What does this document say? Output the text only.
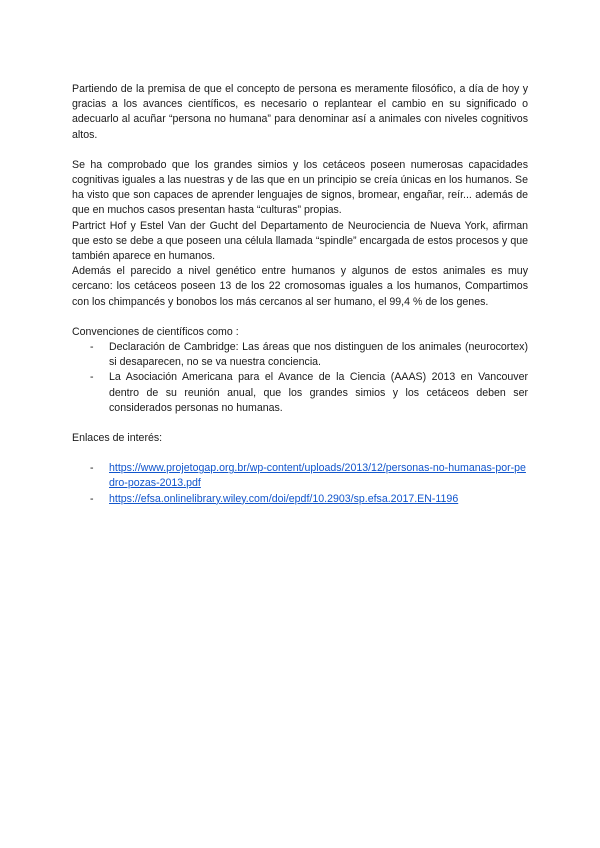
Partiendo de la premisa de que el concepto de persona es meramente filosófico, a día de hoy y gracias a los avances científicos, es necesario o replantear el cambio en su significado o adecuarlo al acuñar “persona no humana” para denominar así a animales con niveles cognitivos altos.

Se ha comprobado que los grandes simios y los cetáceos poseen numerosas capacidades cognitivas iguales a las nuestras y de las que en un principio se creía únicas en los humanos. Se ha visto que son capaces de aprender lenguajes de signos, bromear, engañar, reír... además de que en muchos casos presentan hasta “culturas” propias.

Partrict Hof y Estel Van der Gucht del Departamento de Neurociencia de Nueva York, afirman que esto se debe a que poseen una célula llamada “spindle” encargada de estos procesos y que también aparece en humanos.

Además el parecido a nivel genético entre humanos y algunos de estos animales es muy cercano: los cetáceos poseen 13 de los 22 cromosomas iguales a los humanos, Compartimos con los chimpancés y bonobos los más cercanos al ser humano, el 99,4 % de los genes.

Convenciones de científicos como :

- Declaración de Cambridge: Las áreas que nos distinguen de los animales (neurocortex) si desaparecen, no se va nuestra conciencia.
- La Asociación Americana para el Avance de la Ciencia (AAAS) 2013 en Vancouver dentro de su reunión anual, que los grandes simios y los cetáceos deben ser considerados personas no humanas.

Enlaces de interés:

- https://www.projetogap.org.br/wp-content/uploads/2013/12/personas-no-humanas-por-pedro-pozas-2013.pdf
- https://efsa.onlinelibrary.wiley.com/doi/epdf/10.2903/sp.efsa.2017.EN-1196
